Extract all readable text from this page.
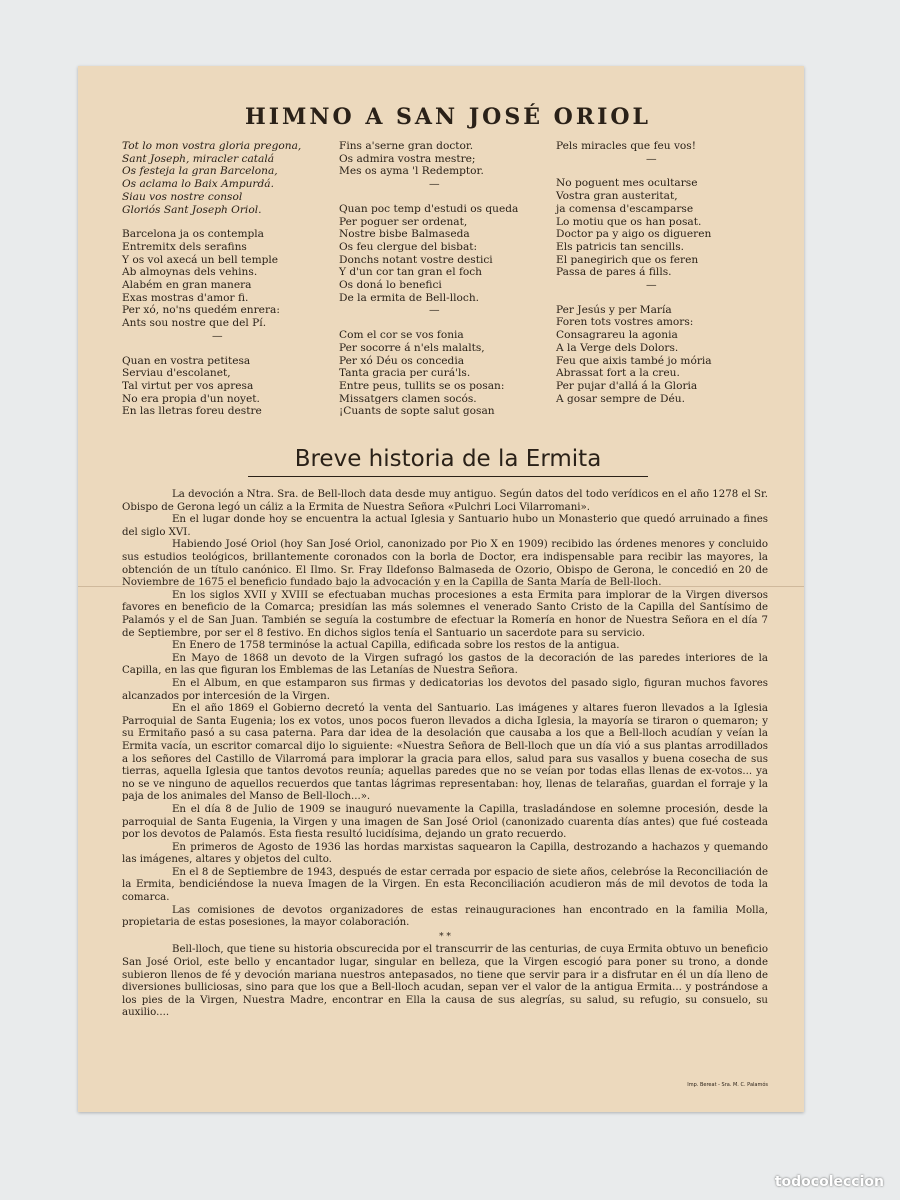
HIMNO A SAN JOSÉ ORIOL
Tot lo mon vostra gloria pregona,
Sant Joseph, miracler catalá
Os festeja la gran Barcelona,
Os aclama lo Baix Ampurdá.
Siau vos nostre consol
Gloriós Sant Joseph Oriol.
Barcelona ja os contempla
Entremitx dels serafins
Y os vol axecá un bell temple
Ab almoynas dels vehins.
Alabém en gran manera
Exas mostras d'amor fi.
Per xó, no'ns quedém enrera:
Ants sou nostre que del Pí.
—
Quan en vostra petitesa
Serviau d'escolanet,
Tal virtut per vos apresa
No era propia d'un noyet.
En las lletras foreu destre
Fins a'serne gran doctor.
Os admira vostra mestre;
Mes os ayma 'l Redemptor.
—
Quan poc temp d'estudi os queda
Per poguer ser ordenat,
Nostre bisbe Balmaseda
Os feu clergue del bisbat:
Donchs notant vostre destici
Y d'un cor tan gran el foch
Os doná lo benefici
De la ermita de Bell-lloch.
—
Com el cor se vos fonia
Per socorre á n'els malalts,
Per xó Déu os concedia
Tanta gracia per curá'ls.
Entre peus, tullits se os posan:
Missatgers clamen socós.
¡Cuants de sopte salut gosan
Pels miracles que feu vos!
—
No poguent mes ocultarse
Vostra gran austeritat,
ja comensa d'escamparse
Lo motiu que os han posat.
Doctor pa y aigo os digueren
Els patricis tan sencills.
El panegirich que os feren
Passa de pares á fills.
—
Per Jesús y per María
Foren tots vostres amors:
Consagrareu la agonia
A la Verge dels Dolors.
Feu que aixis també jo mória
Abrassat fort a la creu.
Per pujar d'allá á la Gloria
A gosar sempre de Déu.
Breve historia de la Ermita

La devoción a Ntra. Sra. de Bell-lloch data desde muy antiguo. Según datos del todo verídicos en el año 1278 el Sr. Obispo de Gerona legó un cáliz a la Ermita de Nuestra Señora «Pulchri Loci Vilarromani».

En el lugar donde hoy se encuentra la actual Iglesia y Santuario hubo un Monasterio que quedó arruinado a fines del siglo XVI.

Habiendo José Oriol (hoy San José Oriol, canonizado por Pio X en 1909) recibido las órdenes menores y concluido sus estudios teológicos, brillantemente coronados con la borla de Doctor, era indispensable para recibir las mayores, la obtención de un título canónico. El Ilmo. Sr. Fray Ildefonso Balmaseda de Ozorio, Obispo de Gerona, le concedió en 20 de Noviembre de 1675 el beneficio fundado bajo la advocación y en la Capilla de Santa María de Bell-lloch.

En los siglos XVII y XVIII se efectuaban muchas procesiones a esta Ermita para implorar de la Virgen diversos favores en beneficio de la Comarca; presidían las más solemnes el venerado Santo Cristo de la Capilla del Santísimo de Palamós y el de San Juan. También se seguía la costumbre de efectuar la Romería en honor de Nuestra Señora en el día 7 de Septiembre, por ser el 8 festivo. En dichos siglos tenía el Santuario un sacerdote para su servicio.

En Enero de 1758 terminóse la actual Capilla, edificada sobre los restos de la antigua.

En Mayo de 1868 un devoto de la Virgen sufragó los gastos de la decoración de las paredes interiores de la Capilla, en las que figuran los Emblemas de las Letanías de Nuestra Señora.

En el Album, en que estamparon sus firmas y dedicatorias los devotos del pasado siglo, figuran muchos favores alcanzados por intercesión de la Virgen.

En el año 1869 el Gobierno decretó la venta del Santuario. Las imágenes y altares fueron llevados a la Iglesia Parroquial de Santa Eugenia; los ex votos, unos pocos fueron llevados a dicha Iglesia, la mayoría se tiraron o quemaron; y su Ermitaño pasó a su casa paterna. Para dar idea de la desolación que causaba a los que a Bell-lloch acudían y veían la Ermita vacía, un escritor comarcal dijo lo siguiente: «Nuestra Señora de Bell-lloch que un día vió a sus plantas arrodillados a los señores del Castillo de Vilarromá para implorar la gracia para ellos, salud para sus vasallos y buena cosecha de sus tierras, aquella Iglesia que tantos devotos reunía; aquellas paredes que no se veían por todas ellas llenas de ex-votos... ya no se ve ninguno de aquellos recuerdos que tantas lágrimas representaban: hoy, llenas de telarañas, guardan el forraje y la paja de los animales del Manso de Bell-lloch...».

En el día 8 de Julio de 1909 se inauguró nuevamente la Capilla, trasladándose en solemne procesión, desde la parroquial de Santa Eugenia, la Virgen y una imagen de San José Oriol (canonizado cuarenta días antes) que fué costeada por los devotos de Palamós. Esta fiesta resultó lucidísima, dejando un grato recuerdo.

En primeros de Agosto de 1936 las hordas marxistas saquearon la Capilla, destrozando a hachazos y quemando las imágenes, altares y objetos del culto.

En el 8 de Septiembre de 1943, después de estar cerrada por espacio de siete años, celebróse la Reconciliación de la Ermita, bendiciéndose la nueva Imagen de la Virgen. En esta Reconciliación acudieron más de mil devotos de toda la comarca.

Las comisiones de devotos organizadores de estas reinauguraciones han encontrado en la familia Molla, propietaria de estas posesiones, la mayor colaboración.

* *

Bell-lloch, que tiene su historia obscurecida por el transcurrir de las centurias, de cuya Ermita obtuvo un beneficio San José Oriol, este bello y encantador lugar, singular en belleza, que la Virgen escogió para poner su trono, a donde subieron llenos de fé y devoción mariana nuestros antepasados, no tiene que servir para ir a disfrutar en él un día lleno de diversiones bulliciosas, sino para que los que a Bell-lloch acudan, sepan ver el valor de la antigua Ermita... y postrándose a los pies de la Virgen, Nuestra Madre, encontrar en Ella la causa de sus alegrías, su salud, su refugio, su consuelo, su auxilio....

Imp. Bereat - Sra. M. C. Palamós
todocoleccion
